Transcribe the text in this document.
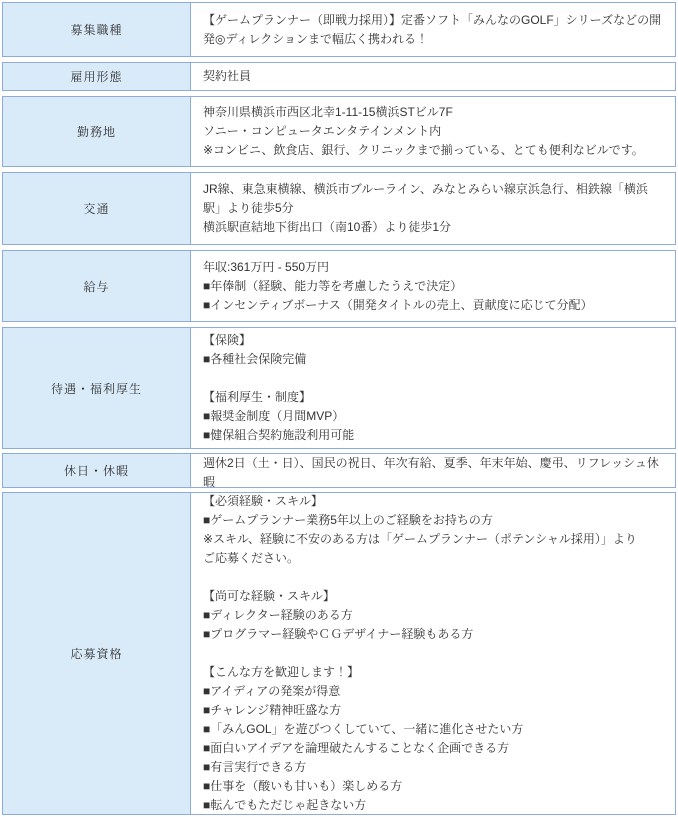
募集職種
【ゲームプランナー（即戦力採用）】定番ソフト「みんなのGOLF」シリーズなどの開発◎ディレクションまで幅広く携われる！
雇用形態	契約社員
勤務地
神奈川県横浜市西区北幸1-11-15横浜STビル7F
ソニー・コンピュータエンタテインメント内
※コンビニ、飲食店、銀行、クリニックまで揃っている、とても便利なビルです。
交通
JR線、東急東横線、横浜市ブルーライン、みなとみらい線京浜急行、相鉄線「横浜駅」より徒歩5分
横浜駅直結地下街出口（南10番）より徒歩1分
給与
年収:361万円 - 550万円
■年俸制（経験、能力等を考慮したうえで決定）
■インセンティブボーナス（開発タイトルの売上、貢献度に応じて分配）
待遇・福利厚生
【保険】
■各種社会保険完備

【福利厚生・制度】
■報奨金制度（月間MVP）
■健保組合契約施設利用可能
休日・休暇
週休2日（土・日）、国民の祝日、年次有給、夏季、年末年始、慶弔、リフレッシュ休暇
応募資格
【必須経験・スキル】
■ゲームプランナー業務5年以上のご経験をお持ちの方
※スキル、経験に不安のある方は「ゲームプランナー（ポテンシャル採用）」より
ご応募ください。

【尚可な経験・スキル】
■ディレクター経験のある方
■プログラマー経験やＣＧデザイナー経験もある方

【こんな方を歓迎します！】
■アイディアの発案が得意
■チャレンジ精神旺盛な方
■「みんGOL」を遊びつくしていて、一緒に進化させたい方
■面白いアイデアを論理破たんすることなく企画できる方
■有言実行できる方
■仕事を（酸いも甘いも）楽しめる方
■転んでもただじゃ起きない方
